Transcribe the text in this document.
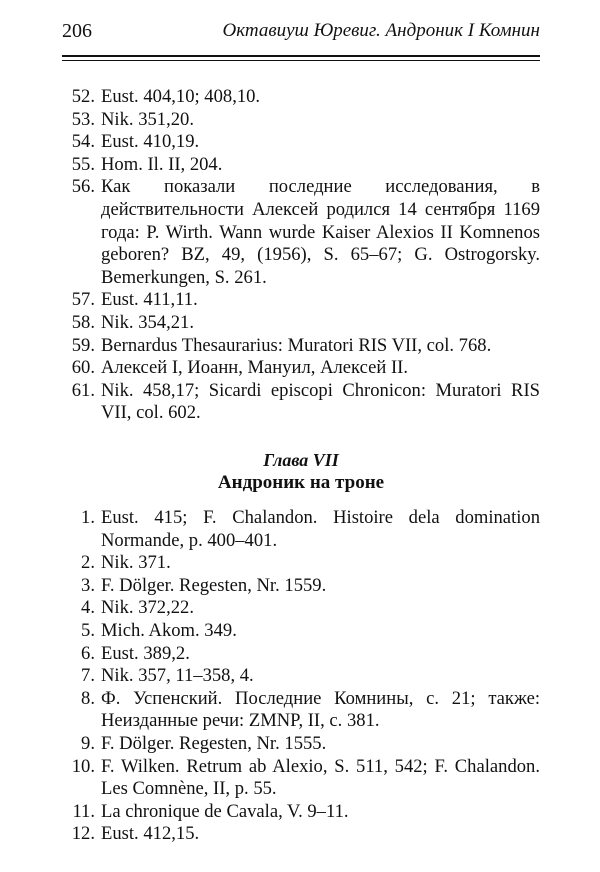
206	Октавиуш Юревиг. Андроник I Комнин
52. Eust. 404,10; 408,10.
53. Nik. 351,20.
54. Eust. 410,19.
55. Hom. Il. II, 204.
56. Как показали последние исследования, в действительности Алексей родился 14 сентября 1169 года: P. Wirth. Wann wurde Kaiser Alexios II Komnenos geboren? BZ, 49, (1956), S. 65–67; G. Ostrogorsky. Bemerkungen, S. 261.
57. Eust. 411,11.
58. Nik. 354,21.
59. Bernardus Thesaurarius: Muratori RIS VII, col. 768.
60. Алексей I, Иоанн, Мануил, Алексей II.
61. Nik. 458,17; Sicardi episcopi Chronicon: Muratori RIS VII, col. 602.
Глава VII
Андроник на троне
1. Eust. 415; F. Chalandon. Histoire dela domination Normande, p. 400–401.
2. Nik. 371.
3. F. Dölger. Regesten, Nr. 1559.
4. Nik. 372,22.
5. Mich. Akom. 349.
6. Eust. 389,2.
7. Nik. 357, 11–358, 4.
8. Ф. Успенский. Последние Комнины, с. 21; также: Неизданные речи: ZMNP, II, с. 381.
9. F. Dölger. Regesten, Nr. 1555.
10. F. Wilken. Retrum ab Alexio, S. 511, 542; F. Chalandon. Les Comnène, II, p. 55.
11. La chronique de Cavala, V. 9–11.
12. Eust. 412,15.
